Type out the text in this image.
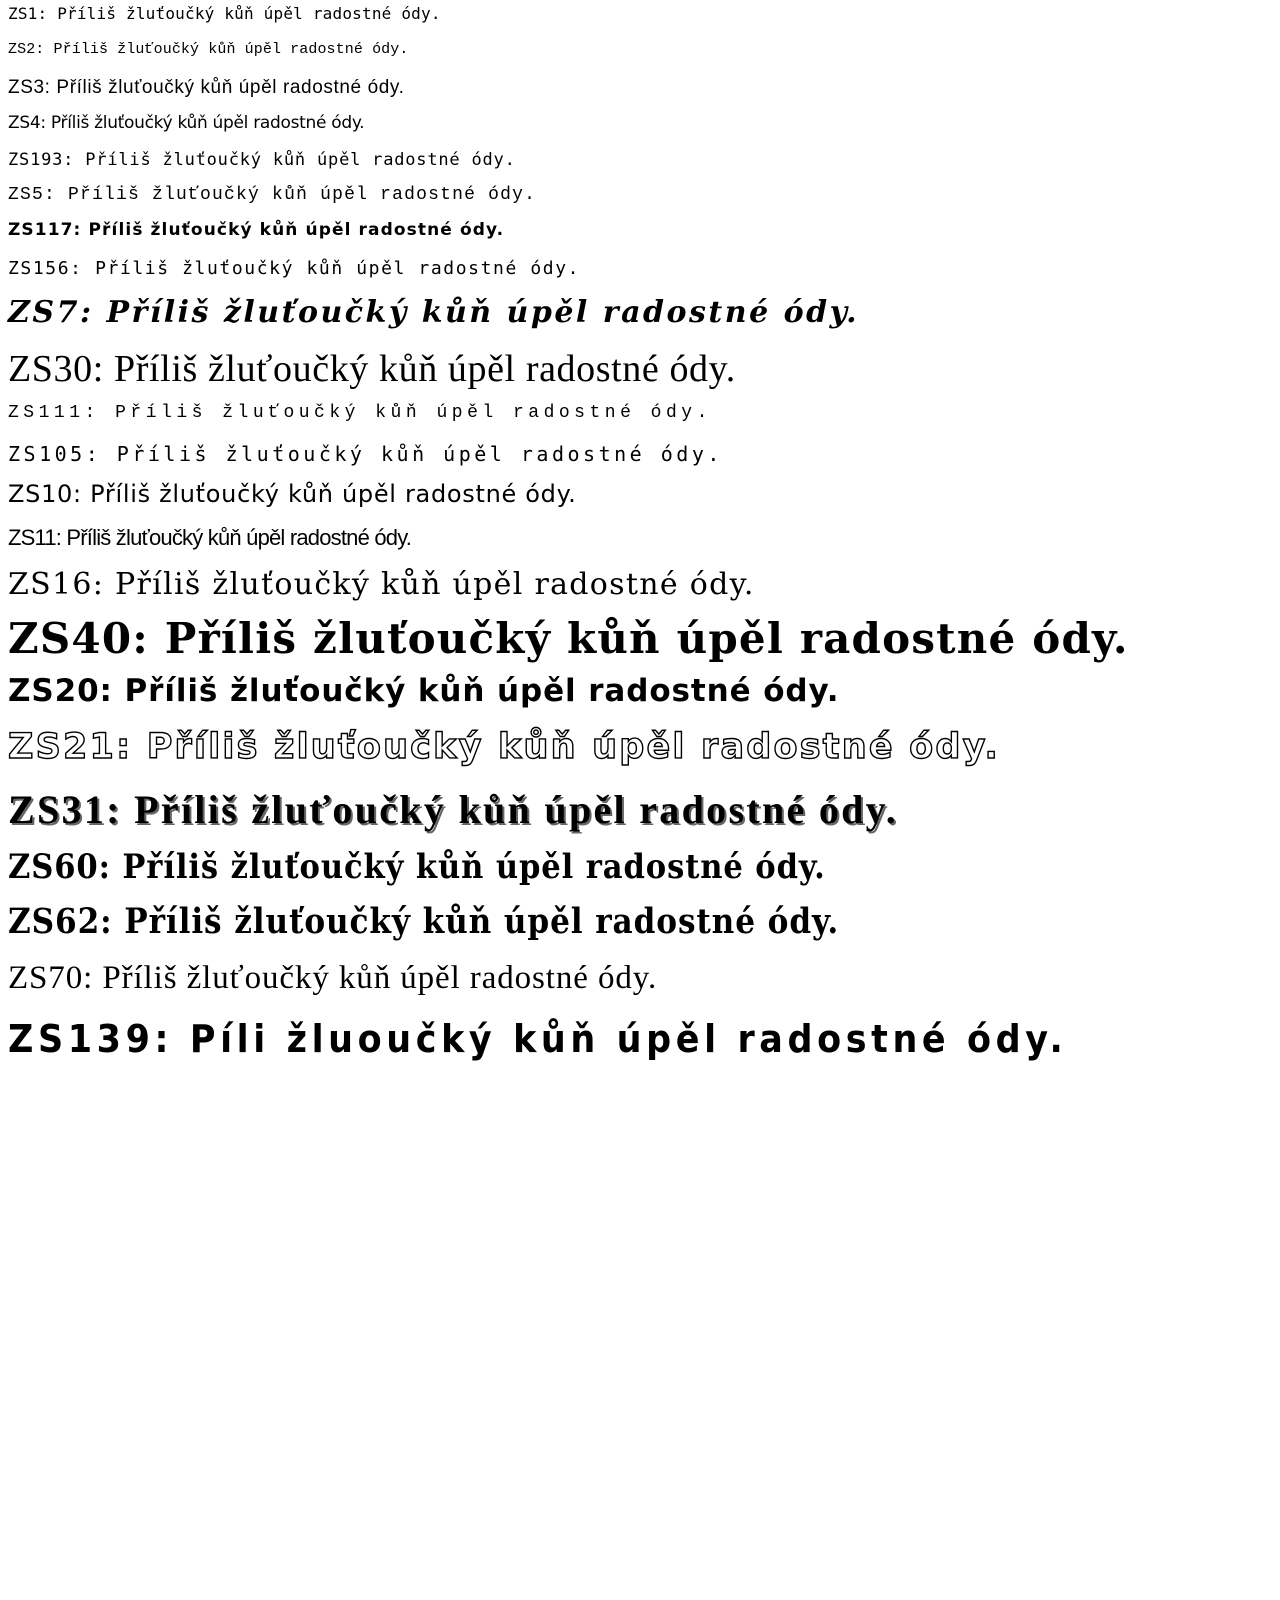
ZS1: Příliš žluťoučký kůň úpěl radostné ódy.
ZS2: Příliš žluťoučký kůň úpěl radostné ódy.
ZS3: Příliš žluťoučký kůň úpěl radostné ódy.
ZS4: Příliš žluťoučký kůň úpěl radostné ódy.
ZS193: Příliš žluťoučký kůň úpěl radostné ódy.
ZS5: Příliš žluťoučký kůň úpěl radostné ódy.
ZS117: Příliš žluťoučký kůň úpěl radostné ódy.
ZS156: Příliš žluťoučký kůň úpěl radostné ódy.
ZS7: Příliš žluťoučký kůň úpěl radostné ódy.
ZS30: Příliš žluťoučký kůň úpěl radostné ódy.
ZS111: Příliš žluťoučký kůň úpěl radostné ódy.
ZS105: Příliš žluťoučký kůň úpěl radostné ódy.
ZS10: Příliš žluťoučký kůň úpěl radostné ódy.
ZS11: Příliš žluťoučký kůň úpěl radostné ódy.
ZS16: Příliš žluťoučký kůň úpěl radostné ódy.
ZS40: Příliš žluťoučký kůň úpěl radostné ódy.
ZS20: Příliš žluťoučký kůň úpěl radostné ódy.
ZS21: Příliš žluťoučký kůň úpěl radostné ódy.
ZS31: Příliš žluťoučký kůň úpěl radostné ódy.
ZS60: Příliš žluťoučký kůň úpěl radostné ódy.
ZS62: Příliš žluťoučký kůň úpěl radostné ódy.
ZS70: Příliš žluťoučký kůň úpěl radostné ódy.
ZS139: Píli žluoučký kůň úpěl radostné ódy.
